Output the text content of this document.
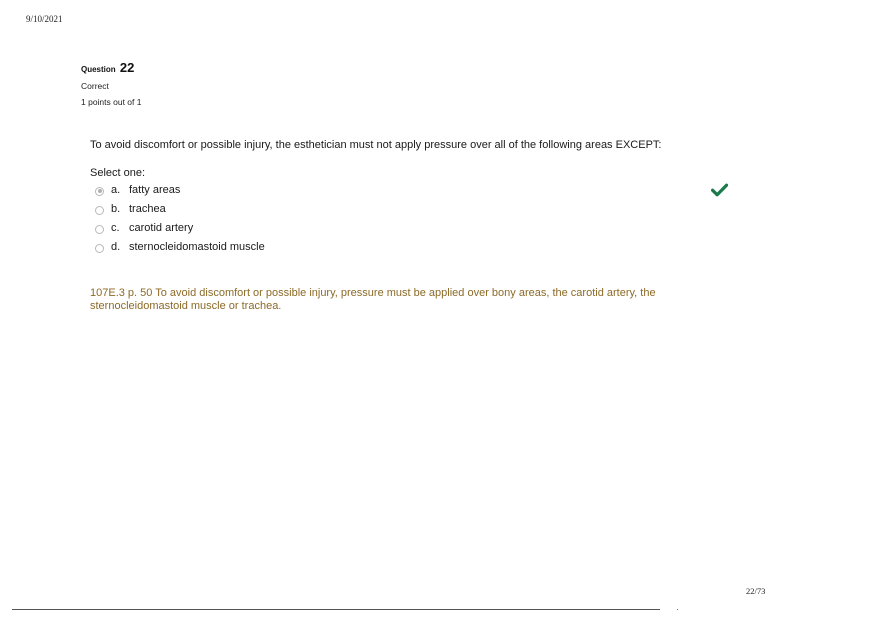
9/10/2021
Question 22
Correct
1 points out of 1
To avoid discomfort or possible injury, the esthetician must not apply pressure over all of the following areas EXCEPT:
Select one:
a. fatty areas
b. trachea
c. carotid artery
d. sternocleidomastoid muscle
107E.3 p. 50 To avoid discomfort or possible injury, pressure must be applied over bony areas, the carotid artery, the sternocleidomastoid muscle or trachea.
22/73
